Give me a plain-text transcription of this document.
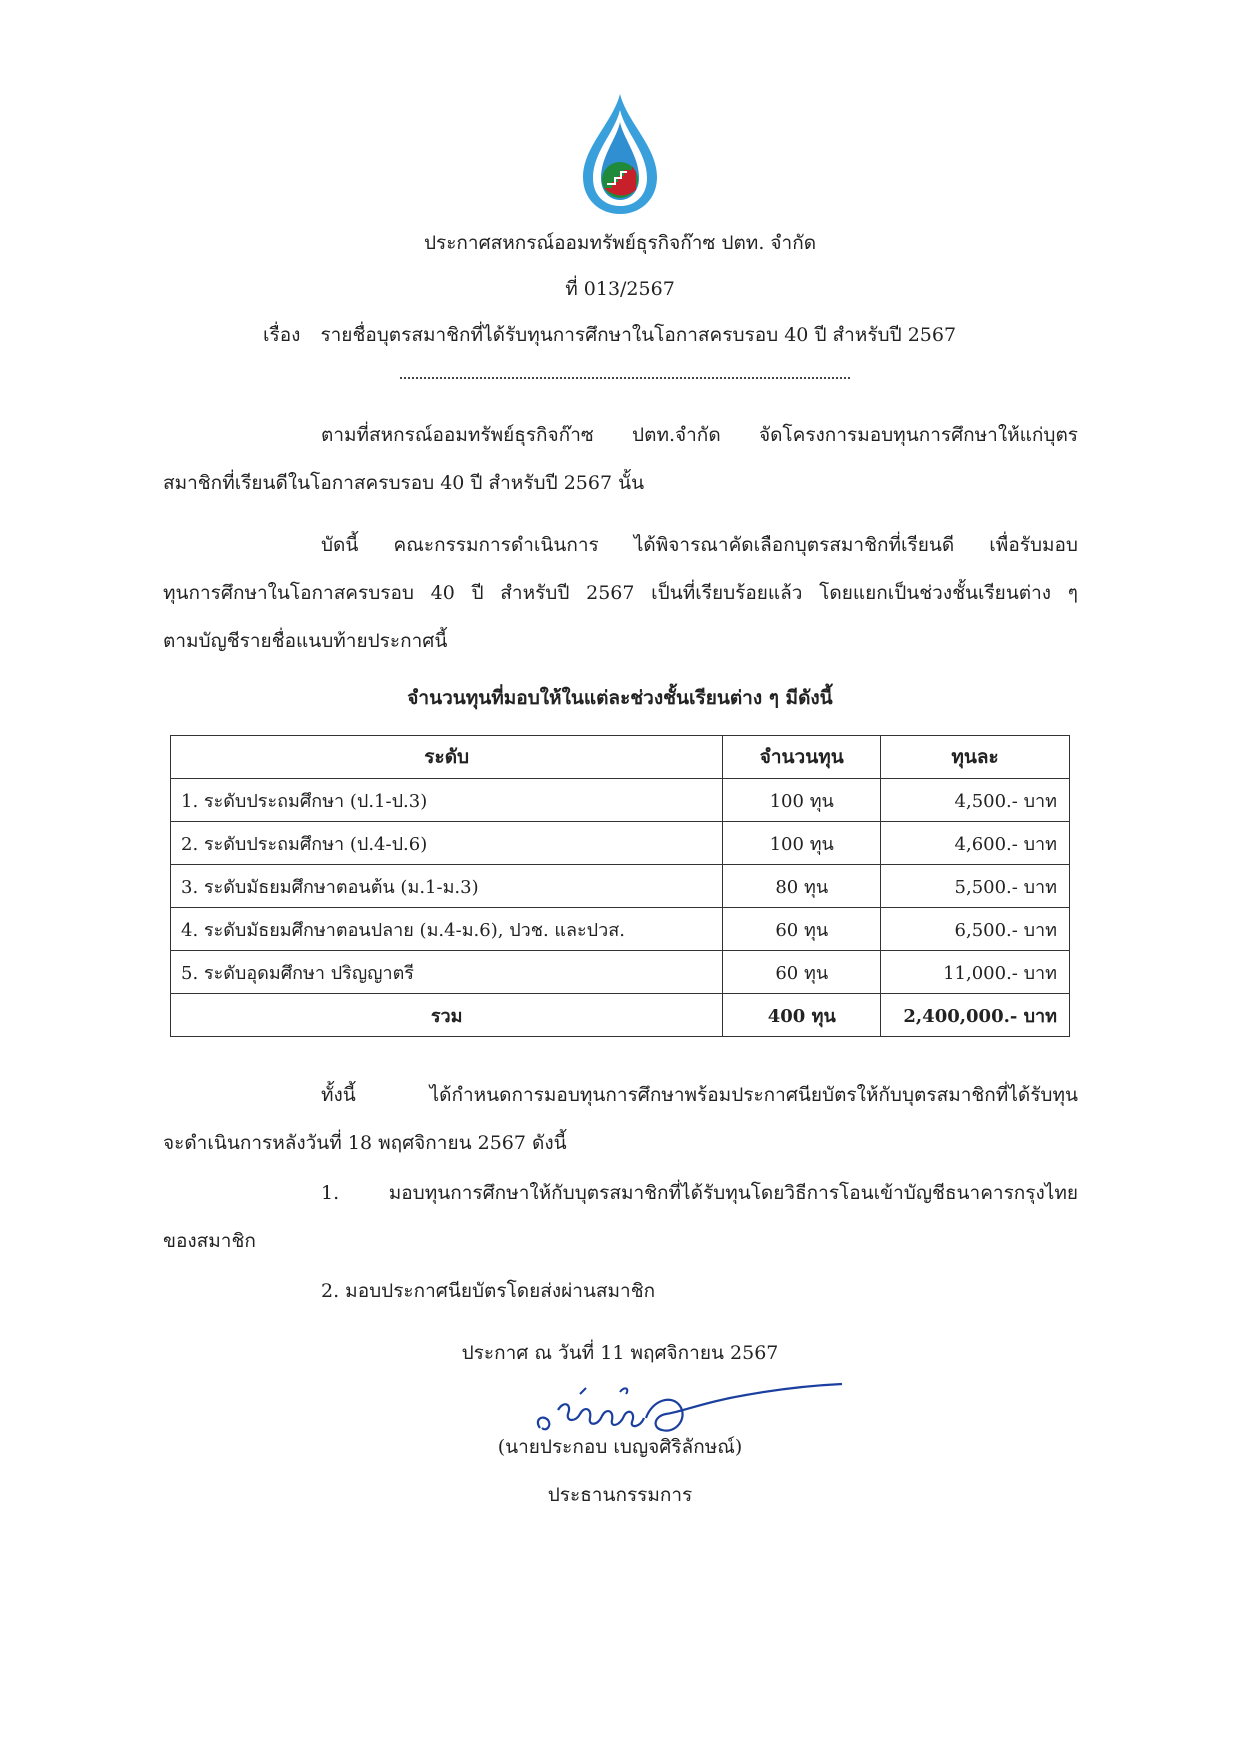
ประกาศสหกรณ์ออมทรัพย์ธุรกิจก๊าซ ปตท. จำกัด
ที่ 013/2567
เรื่อง รายชื่อบุตรสมาชิกที่ได้รับทุนการศึกษาในโอกาสครบรอบ 40 ปี สำหรับปี 2567
ตามที่สหกรณ์ออมทรัพย์ธุรกิจก๊าซ ปตท.จำกัด จัดโครงการมอบทุนการศึกษาให้แก่บุตร
สมาชิกที่เรียนดีในโอกาสครบรอบ 40 ปี สำหรับปี 2567 นั้น
บัดนี้ คณะกรรมการดำเนินการ ได้พิจารณาคัดเลือกบุตรสมาชิกที่เรียนดี เพื่อรับมอบ
ทุนการศึกษาในโอกาสครบรอบ 40 ปี สำหรับปี 2567 เป็นที่เรียบร้อยแล้ว โดยแยกเป็นช่วงชั้นเรียนต่าง ๆ
ตามบัญชีรายชื่อแนบท้ายประกาศนี้
จำนวนทุนที่มอบให้ในแต่ละช่วงชั้นเรียนต่าง ๆ มีดังนี้
ระดับ	จำนวนทุน	ทุนละ
1. ระดับประถมศึกษา (ป.1-ป.3)	100 ทุน	4,500.- บาท
2. ระดับประถมศึกษา (ป.4-ป.6)	100 ทุน	4,600.- บาท
3. ระดับมัธยมศึกษาตอนต้น (ม.1-ม.3)	80 ทุน	5,500.- บาท
4. ระดับมัธยมศึกษาตอนปลาย (ม.4-ม.6), ปวช. และปวส.	60 ทุน	6,500.- บาท
5. ระดับอุดมศึกษา ปริญญาตรี	60 ทุน	11,000.- บาท
รวม	400 ทุน	2,400,000.- บาท
ทั้งนี้ ได้กำหนดการมอบทุนการศึกษาพร้อมประกาศนียบัตรให้กับบุตรสมาชิกที่ได้รับทุน
จะดำเนินการหลังวันที่ 18 พฤศจิกายน 2567 ดังนี้
1. มอบทุนการศึกษาให้กับบุตรสมาชิกที่ได้รับทุนโดยวิธีการโอนเข้าบัญชีธนาคารกรุงไทย
ของสมาชิก
2. มอบประกาศนียบัตรโดยส่งผ่านสมาชิก
ประกาศ ณ วันที่ 11 พฤศจิกายน 2567
(นายประกอบ เบญจศิริลักษณ์)
ประธานกรรมการ
